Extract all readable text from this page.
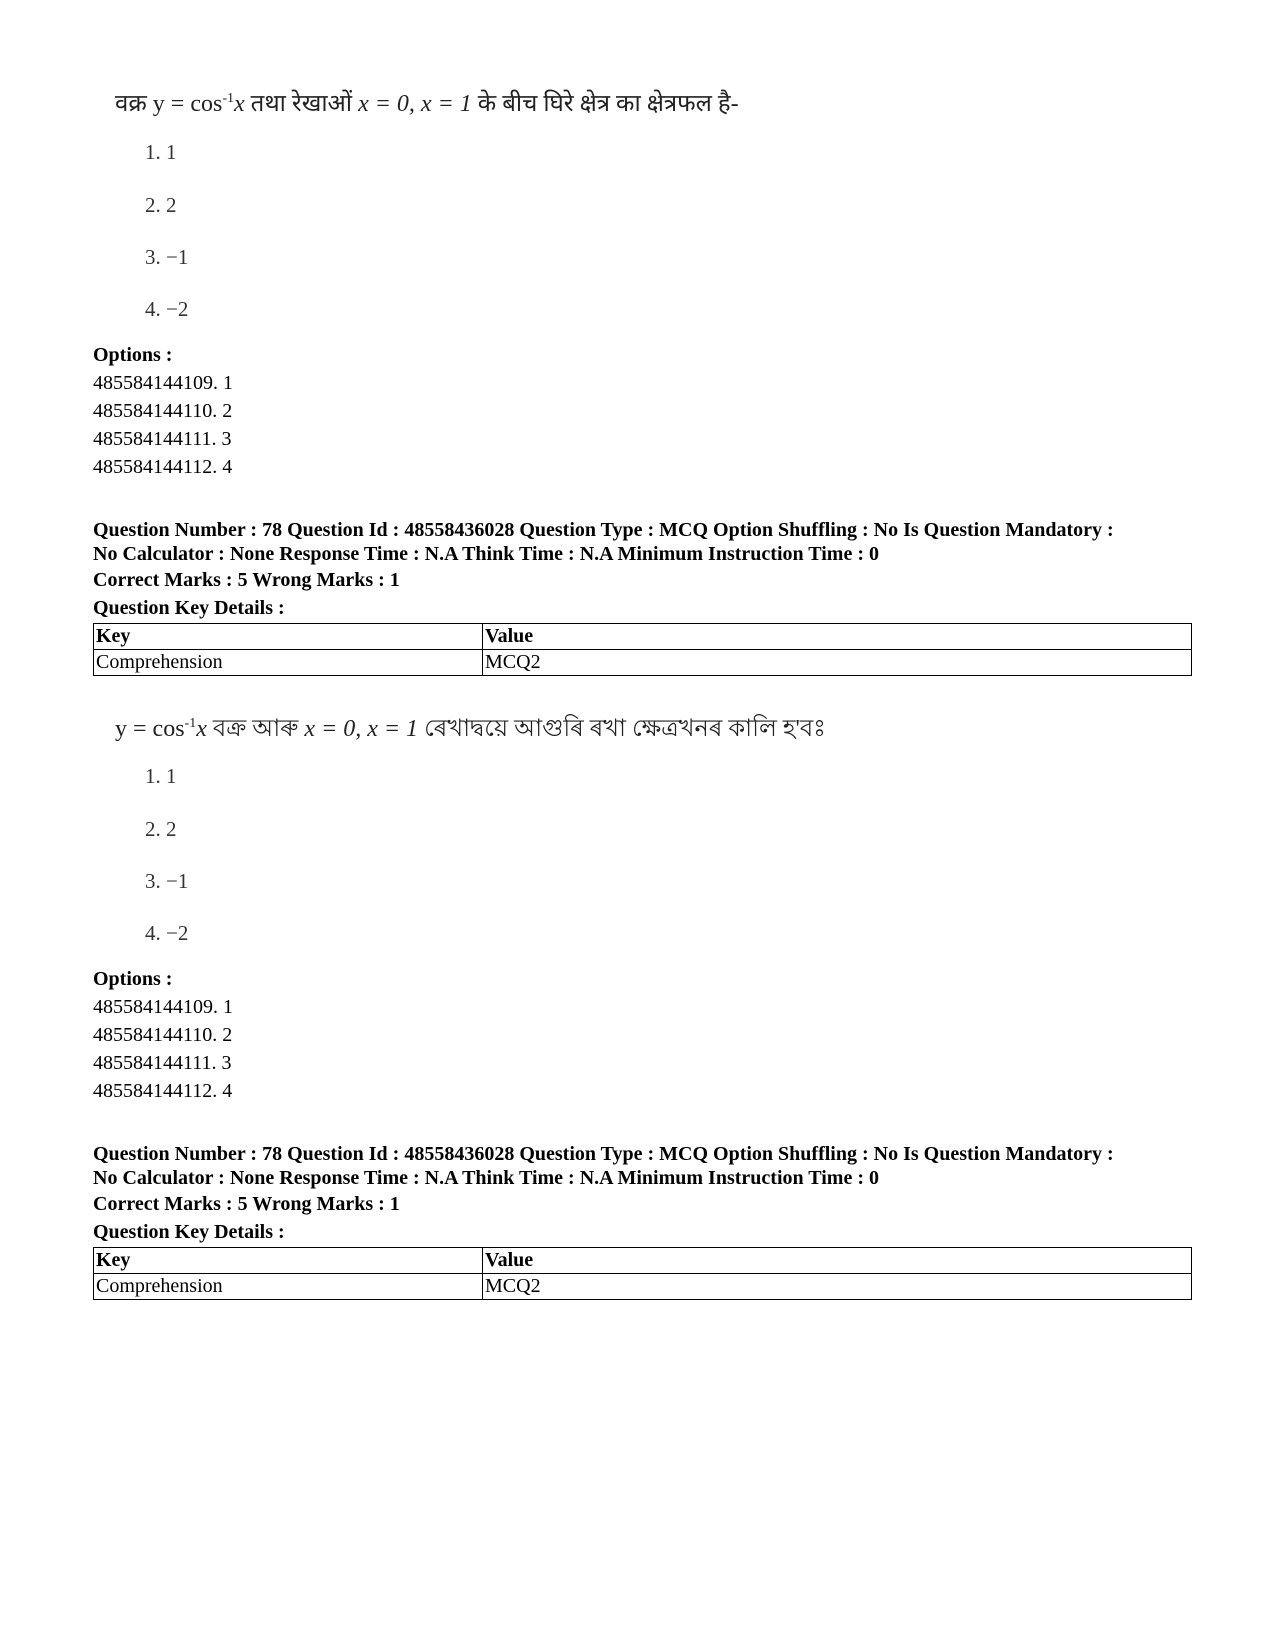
वक्र $y = \cos^{-1}x$ तथा रेखाओं x = 0, x = 1 के बीच घिरे क्षेत्र का क्षेत्रफल है-
1. 1
2. 2
3. −1
4. −2
Options :
485584144109. 1
485584144110. 2
485584144111. 3
485584144112. 4
Question Number : 78 Question Id : 48558436028 Question Type : MCQ Option Shuffling : No Is Question Mandatory :
No Calculator : None Response Time : N.A Think Time : N.A Minimum Instruction Time : 0
Correct Marks : 5 Wrong Marks : 1
Question Key Details :
Key	Value
Comprehension	MCQ2
$y = \cos^{-1}x$ বক্ৰ আৰু x = 0, x = 1 ৰেখাদ্বয়ে আগুৰি ৰখা ক্ষেত্ৰখনৰ কালি হ'বঃ
1. 1
2. 2
3. −1
4. −2
Options :
485584144109. 1
485584144110. 2
485584144111. 3
485584144112. 4
Question Number : 78 Question Id : 48558436028 Question Type : MCQ Option Shuffling : No Is Question Mandatory :
No Calculator : None Response Time : N.A Think Time : N.A Minimum Instruction Time : 0
Correct Marks : 5 Wrong Marks : 1
Question Key Details :
Key	Value
Comprehension	MCQ2
